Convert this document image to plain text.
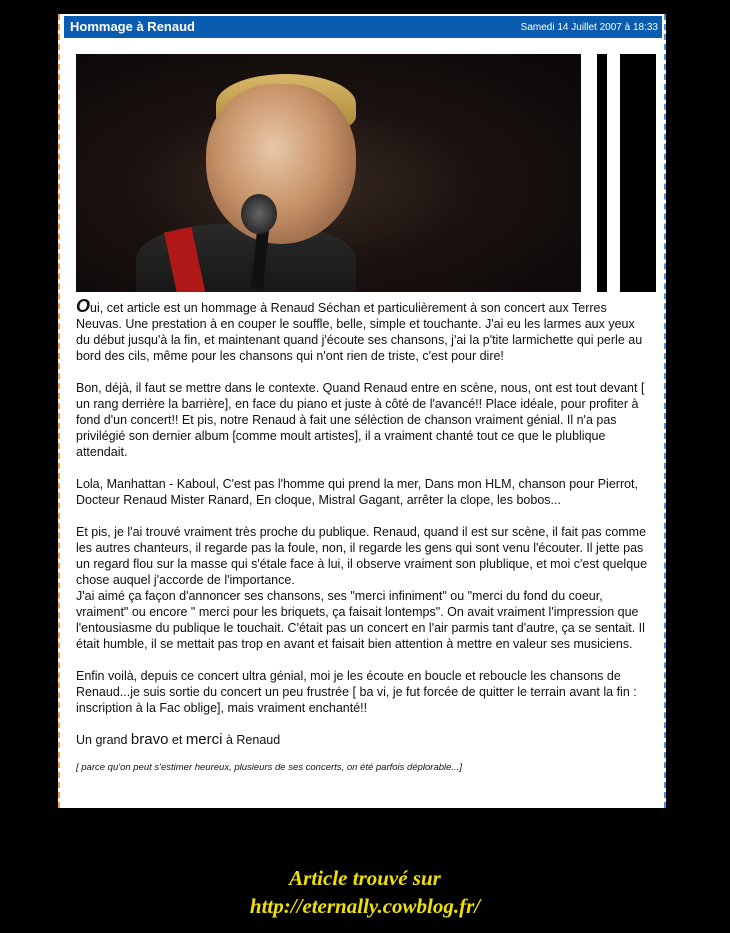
Hommage à Renaud	Samedi 14 Juillet 2007 à 18:33

Oui, cet article est un hommage à Renaud Séchan et particulièrement à son concert aux Terres Neuvas. Une prestation à en couper le souffle, belle, simple et touchante. J'ai eu les larmes aux yeux du début jusqu'à la fin, et maintenant quand j'écoute ses chansons, j'ai la p'tite larmichette qui perle au bord des cils, même pour les chansons qui n'ont rien de triste, c'est pour dire!

Bon, déjà, il faut se mettre dans le contexte. Quand Renaud entre en scène, nous, ont est tout devant [ un rang derrière la barrière], en face du piano et juste à côté de l'avancé!! Place idéale, pour profiter à fond d'un concert!! Et pis, notre Renaud à fait une sélèction de chanson vraiment génial. Il n'a pas privilégié son dernier album [comme moult artistes], il a vraiment chanté tout ce que le plublique attendait.

Lola, Manhattan - Kaboul, C'est pas l'homme qui prend la mer, Dans mon HLM, chanson pour Pierrot, Docteur Renaud Mister Ranard, En cloque, Mistral Gagant, arrêter la clope, les bobos...

Et pis, je l'ai trouvé vraiment très proche du publique. Renaud, quand il est sur scène, il fait pas comme les autres chanteurs, il regarde pas la foule, non, il regarde les gens qui sont venu l'écouter. Il jette pas un regard flou sur la masse qui s'étale face à lui, il observe vraiment son plublique, et moi c'est quelque chose auquel j'accorde de l'importance.
J'ai aimé ça façon d'annoncer ses chansons, ses "merci infiniment" ou "merci du fond du coeur, vraiment" ou encore " merci pour les briquets, ça faisait lontemps". On avait vraiment l'impression que l'entousiasme du publique le touchait. C'était pas un concert en l'air parmis tant d'autre, ça se sentait. Il était humble, il se mettait pas trop en avant et faisait bien attention à mettre en valeur ses musiciens.

Enfin voilà, depuis ce concert ultra génial, moi je les écoute en boucle et reboucle les chansons de Renaud...je suis sortie du concert un peu frustrée [ ba vi, je fut forcée de quitter le terrain avant la fin : inscription à la Fac oblige], mais vraiment enchanté!!

Un grand bravo et merci à Renaud

[ parce qu'on peut s'estimer heureux, plusieurs de ses concerts, on été parfois déplorable...]

Article trouvé sur
http://eternally.cowblog.fr/
